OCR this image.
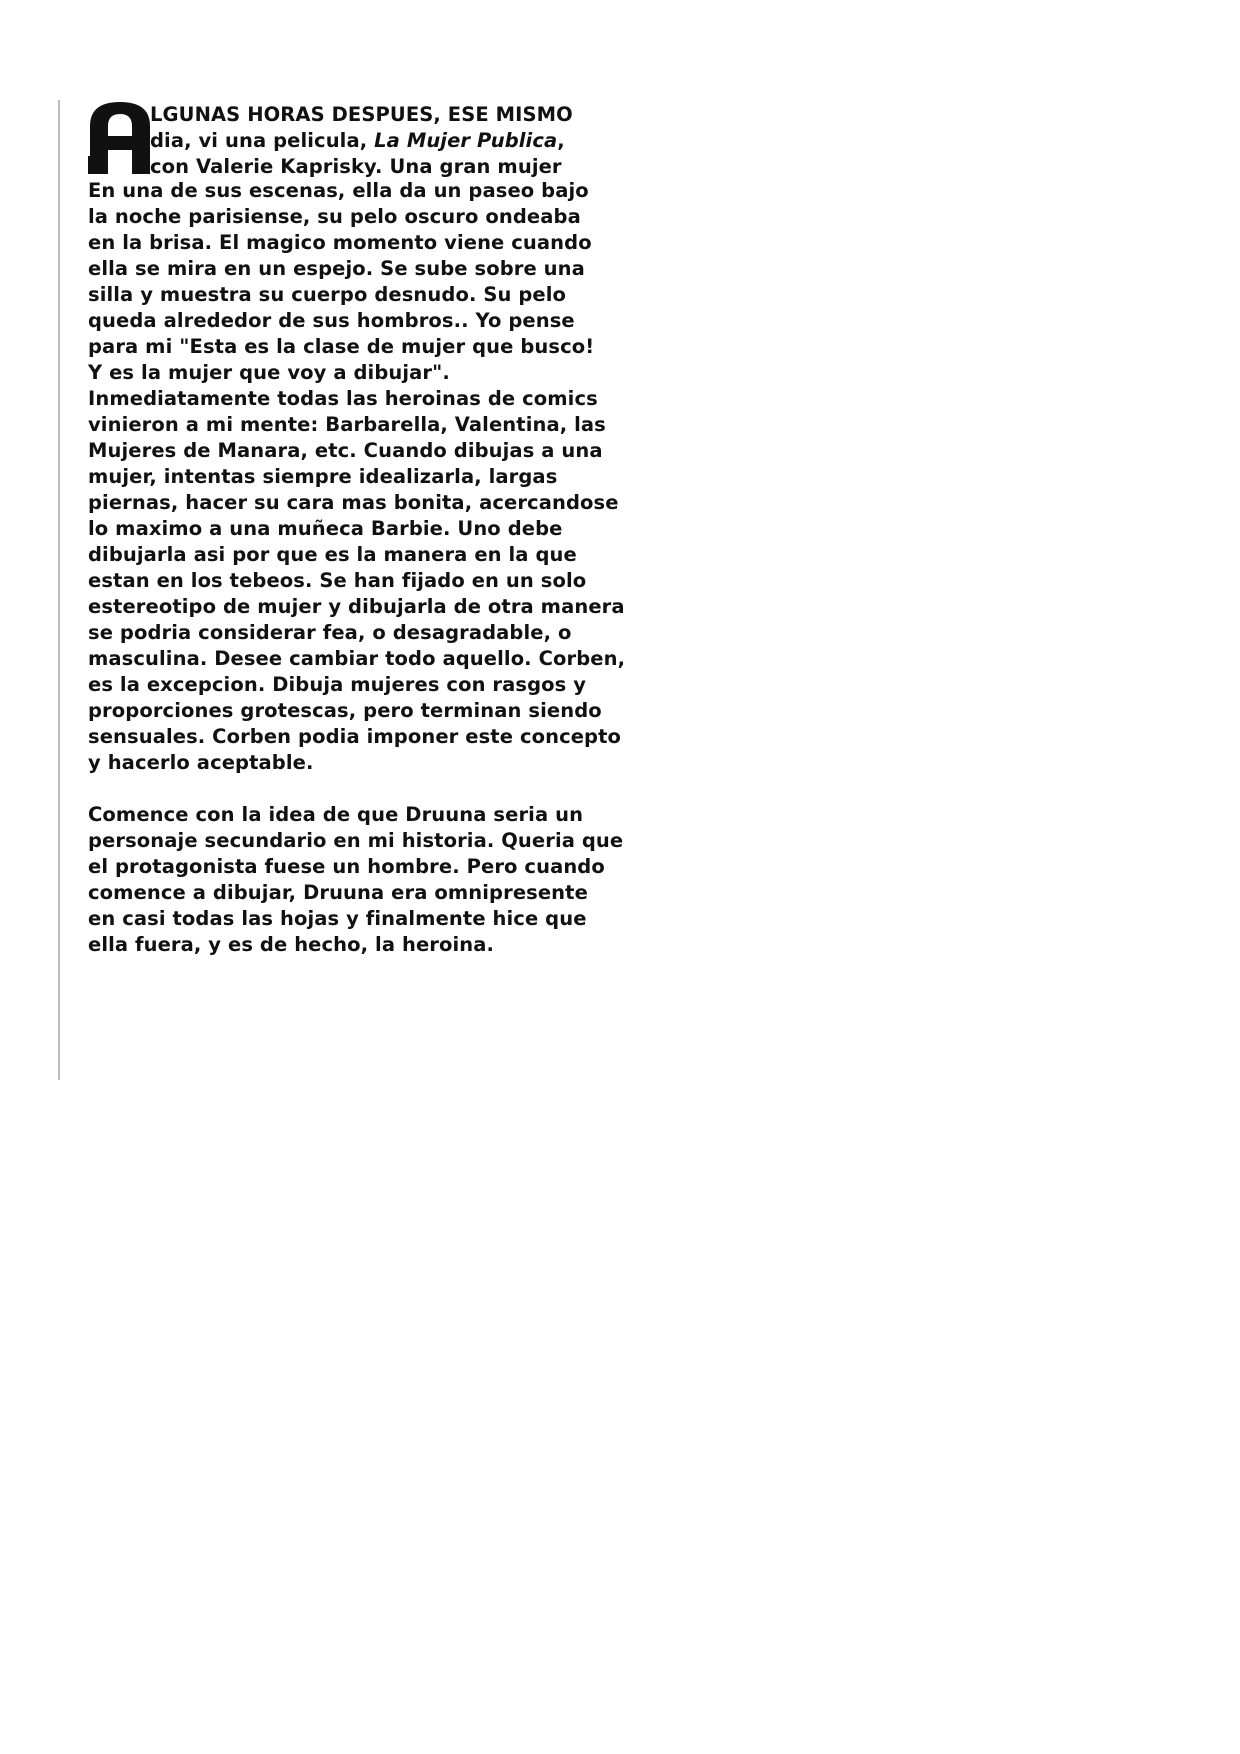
LGUNAS HORAS DESPUES, ESE MISMO
dia, vi una pelicula, La Mujer Publica,
con Valerie Kaprisky. Una gran mujer

En una de sus escenas, ella da un paseo bajo
la noche parisiense, su pelo oscuro ondeaba
en la brisa. El magico momento viene cuando
ella se mira en un espejo. Se sube sobre una
silla y muestra su cuerpo desnudo. Su pelo
queda alrededor de sus hombros.. Yo pense
para mi "Esta es la clase de mujer que busco!
Y es la mujer que voy a dibujar".
Inmediatamente todas las heroinas de comics
vinieron a mi mente: Barbarella, Valentina, las
Mujeres de Manara, etc. Cuando dibujas a una
mujer, intentas siempre idealizarla, largas
piernas, hacer su cara mas bonita, acercandose
lo maximo a una muñeca Barbie. Uno debe
dibujarla asi por que es la manera en la que
estan en los tebeos. Se han fijado en un solo
estereotipo de mujer y dibujarla de otra manera
se podria considerar fea, o desagradable, o
masculina. Desee cambiar todo aquello. Corben,
es la excepcion. Dibuja mujeres con rasgos y
proporciones grotescas, pero terminan siendo
sensuales. Corben podia imponer este concepto
y hacerlo aceptable.

Comence con la idea de que Druuna seria un
personaje secundario en mi historia. Queria que
el protagonista fuese un hombre. Pero cuando
comence a dibujar, Druuna era omnipresente
en casi todas las hojas y finalmente hice que
ella fuera, y es de hecho, la heroina.
